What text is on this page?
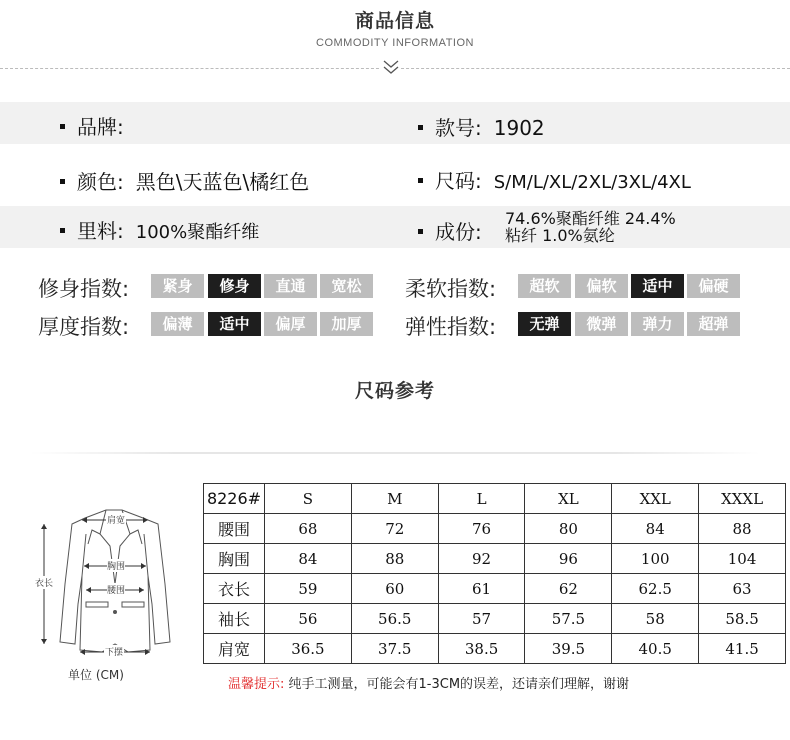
商品信息
COMMODITY INFORMATION
品牌:	款号: 1902
颜色: 黑色\天蓝色\橘红色	尺码: S/M/L/XL/2XL/3XL/4XL
里料: 100%聚酯纤维	成份:
74.6%聚酯纤维 24.4%
粘纤 1.0%氨纶
修身指数:	紧身	修身	直通	宽松	柔软指数:	超软	偏软	适中	偏硬
厚度指数:	偏薄	适中	偏厚	加厚	弹性指数:	无弹	微弹	弹力	超弹
尺码参考
肩宽
胸围
腰围
下摆
衣长
单位 (CM)
8226#	S	M	L	XL	XXL	XXXL
腰围	68	72	76	80	84	88
胸围	84	88	92	96	100	104
衣长	59	60	61	62	62.5	63
袖长	56	56.5	57	57.5	58	58.5
肩宽	36.5	37.5	38.5	39.5	40.5	41.5
温馨提示: 纯手工测量，可能会有1-3CM的误差，还请亲们理解，谢谢
